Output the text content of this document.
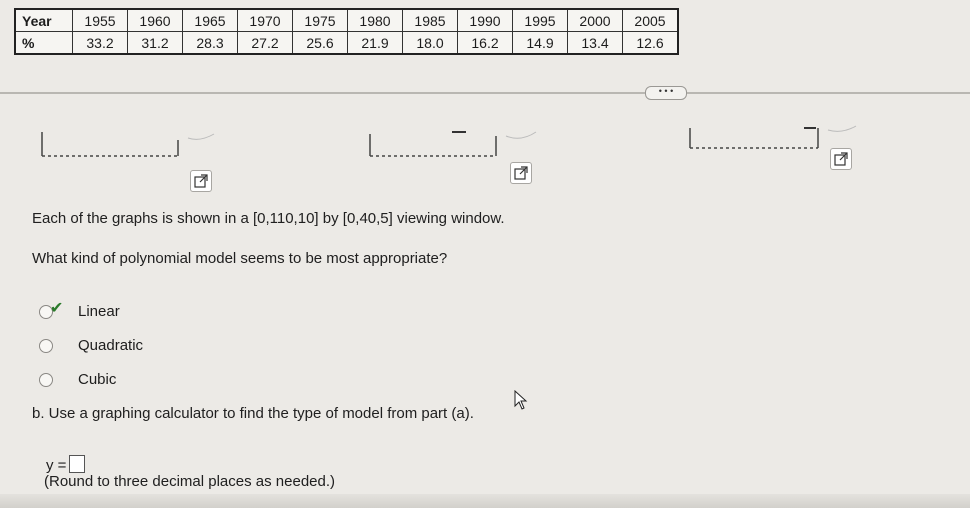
Year	1955	1960	1965	1970	1975	1980	1985	1990	1995	2000	2005
%	33.2	31.2	28.3	27.2	25.6	21.9	18.0	16.2	14.9	13.4	12.6
• • •
Each of the graphs is shown in a [0,110,10] by [0,40,5] viewing window.
What kind of polynomial model seems to be most appropriate?
✔ Linear
Quadratic
Cubic
b. Use a graphing calculator to find the type of model from part (a).
y =
(Round to three decimal places as needed.)
